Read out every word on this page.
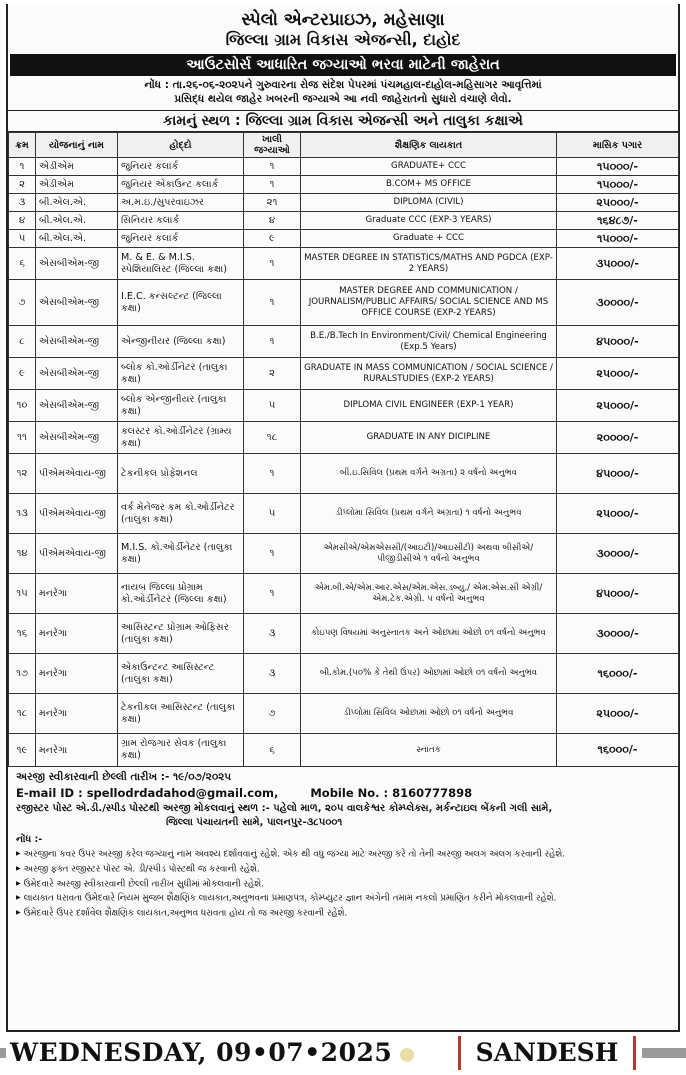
સ્પેલો એન્ટરપ્રાઇઝ, મહેસાણા
જિલ્લા ગ્રામ વિકાસ એજન્સી, દાહોદ
આઉટસોર્સ આધારિત જગ્યાઓ ભરવા માટેની જાહેરાત
નોંધ : તા.૨૬-૦૬-૨૦૨૫ને ગુરુવારના રોજ સંદેશ પેપરમાં પંચમહાલ-દાહોલ-મહિસાગર આવૃત્તિમાં
પ્રસિદ્ધ થયેલ જાહેર ખબરની જગ્યાએ આ નવી જાહેરાતનો સુધારો વંચાણે લેવો.
કામનું સ્થળ : જિલ્લા ગ્રામ વિકાસ એજન્સી અને તાલુકા કક્ષાએ
ક્રમ	યોજનાનું નામ	હોદ્દો	ખાલી જગ્યાઓ	શૈક્ષણિક લાયકાત	માસિક પગાર
૧	એડીએમ	જુનિયર કલાર્ક	૧	GRADUATE+ CCC	૧૫૦૦૦/-
૨	એડીએમ	જુનિયર એકાઉન્ટ કલાર્ક	૧	B.COM+ MS OFFICE	૧૫૦૦૦/-
૩	બી.એલ.એ.	અ.મ.ઇ./સુપરવાઇઝર	૨૧	DIPLOMA (CIVIL)	૨૫૦૦૦/-
૪	બી.એલ.એ.	સિનિયર કલાર્ક	૪	Graduate CCC (EXP-3 YEARS)	૧૬૪૮૭/-
૫	બી.એલ.એ.	જુનિયર કલાર્ક	૯	Graduate + CCC	૧૫૦૦૦/-
૬	એસબીએમ-જી	M. & E. & M.I.S. સ્પેશિયાલિસ્ટ (જિલ્લા કક્ષા)	૧	MASTER DEGREE IN STATISTICS/MATHS AND PGDCA (EXP-2 YEARS)	૩૫૦૦૦/-
૭	એસબીએમ-જી	I.E.C. કન્સલ્ટન્ટ (જિલ્લા કક્ષા)	૧	MASTER DEGREE AND COMMUNICATION / JOURNALISM/PUBLIC AFFAIRS/ SOCIAL SCIENCE AND MS OFFICE COURSE (EXP-2 YEARS)	૩૦૦૦૦/-
૮	એસબીએમ-જી	એન્જીનીયર (જિલ્લા કક્ષા)	૧	B.E./B.Tech In Environment/Civil/ Chemical Engineering (Exp.5 Years)	૪૫૦૦૦/-
૯	એસબીએમ-જી	બ્લોક કો.ઓર્ડીનેટર (તાલુકા કક્ષા)	૨	GRADUATE IN MASS COMMUNICATION / SOCIAL SCIENCE / RURALSTUDIES (EXP-2 YEARS)	૨૫૦૦૦/-
૧૦	એસબીએમ-જી	બ્લોક એન્જીનીયર (તાલુકા કક્ષા)	૫	DIPLOMA CIVIL ENGINEER (EXP-1 YEAR)	૨૫૦૦૦/-
૧૧	એસબીએમ-જી	કલસ્ટર કો.ઓર્ડીનેટર (ગ્રામ્ય કક્ષા)	૧૮	GRADUATE IN ANY DICIPLINE	૨૦૦૦૦/-
૧૨	પીએમએવાય-જી	ટેકનીકલ પ્રોફેશનલ	૧	બી.ઇ.સિવિલ (પ્રથમ વર્ગને અગ્રતા) ૨ વર્ષનો અનુભવ	૪૫૦૦૦/-
૧૩	પીએમએવાય-જી	વર્ક મેનેજર કમ કો.ઓર્ડીનેટર (તાલુકા કક્ષા)	૫	ડીપ્લોમા સિવિલ (પ્રથમ વર્ગને અગ્રતા) ૧ વર્ષનો અનુભવ	૨૫૦૦૦/-
૧૪	પીએમએવાય-જી	M.I.S. કો.ઓર્ડીનેટર (તાલુકા કક્ષા)	૧	એમસીએ/એમએસસી/(આઇટી)/આઇસીટી) અથવા બીસીએ/પીજીડીસીએ ૧ વર્ષનો અનુભવ	૩૦૦૦૦/-
૧૫	મનરેગા	નાયબ જિલ્લા પ્રોગ્રામ કો.ઓર્ડીનેટર (જિલ્લા કક્ષા)	૧	એમ.બી.એ/એમ.આર.એસ/એમ.એસ.ડબ્યુ./ એમ.એસ.સી એગ્રી/ એમ.ટેક.એગ્રી. ૫ વર્ષનો અનુભવ	૪૫૦૦૦/-
૧૬	મનરેગા	આસિસ્ટન્ટ પ્રોગ્રામ ઓફિસર (તાલુકા કક્ષા)	૩	કોઇપણ વિષયમાં અનુસ્નાતક અને ઓછામાં ઓછો ૦૧ વર્ષનો અનુભવ	૩૦૦૦૦/-
૧૭	મનરેગા	એકાઉન્ટન્ટ આસિસ્ટન્ટ (તાલુકા કક્ષા)	૩	બી.કોમ.(૫૦% કે તેથી ઉપર) ઓછામાં ઓછો ૦૧ વર્ષનો અનુભવ	૧૬૦૦૦/-
૧૮	મનરેગા	ટેકનીકલ આસિસ્ટન્ટ (તાલુકા કક્ષા)	૭	ડીપ્લોમા સિવિલ ઓછામાં ઓછો ૦૧ વર્ષનો અનુભવ	૨૫૦૦૦/-
૧૯	મનરેગા	ગ્રામ રોજગાર સેવક (તાલુકા કક્ષા)	૬	સ્નાતક	૧૬૦૦૦/-
અરજી સ્વીકારવાની છેલ્લી તારીખ :- ૧૯/૦૭/૨૦૨૫
E-mail ID : spellodrdadahod@gmail.com,	Mobile No. : 8160777898
રજીસ્ટર પોસ્ટ એ.ડી./સ્પીડ પોસ્ટથી અરજી મોકલવાનું સ્થળ :- પહેલો માળ, ૨૦૫ વાલકેશ્વર કોમ્પ્લેક્સ, મર્કન્ટાઇલ બેંકની ગલી સામે,
જિલ્લા પંચાયતની સામે, પાલનપુર-૩૮૫૦૦૧
નોંધ :-
▶ અરજીના કવર ઉપર અરજી કરેલ જગ્યાનું નામ અવશ્ય દર્શાવવાનું રહેશે. એક થી વધુ જગ્યા માટે અરજી કરે તો તેની અરજી અલગ અલગ કરવાની રહેશે.
▶ અરજી ફક્ત રજીસ્ટર પોસ્ટ એ. ડી/સ્પીડ પોસ્ટથી જ કરવાની રહેશે.
▶ ઉમેદવારે અરજી સ્વીકારવાની છેલ્લી તારીખ સુધીમાં મોકલવાની રહેશે.
▶ લાયકાત ધરાવતા ઉમેદવારે નિયમ મુજબ શૈક્ષણિક લાયકાત,અનુભવના પ્રમાણપત્ર, કોમ્પ્યુટર જ્ઞાન અંગેની તમામ નકલો પ્રમાણિત કરીને મોકલવાની રહેશે.
▶ ઉમેદવારે ઉપર દર્શાવેલ શૈક્ષણિક લાયકાત,અનુભવ ધરાવતા હોય તો જ અરજી કરવાની રહેશે.
WEDNESDAY, 09•07•2025	SANDESH
